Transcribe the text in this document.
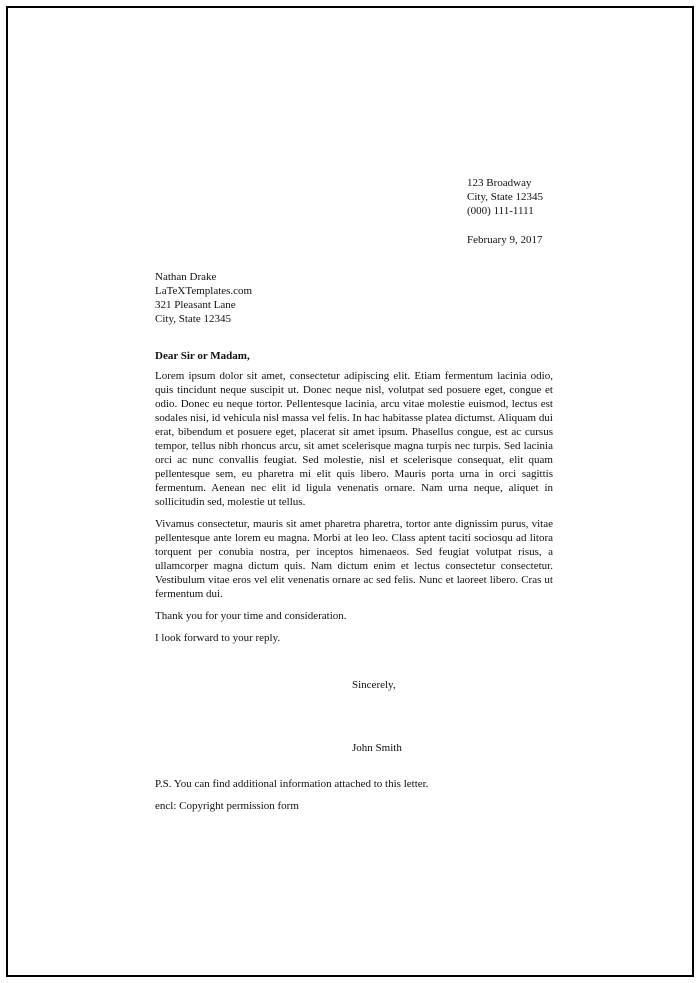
123 Broadway
City, State 12345
(000) 111-1111
February 9, 2017
Nathan Drake
LaTeXTemplates.com
321 Pleasant Lane
City, State 12345

Dear Sir or Madam,

Lorem ipsum dolor sit amet, consectetur adipiscing elit. Etiam fermentum lacinia odio, quis tincidunt neque suscipit ut. Donec neque nisl, volutpat sed posuere eget, congue et odio. Donec eu neque tortor. Pellentesque lacinia, arcu vitae molestie euismod, lectus est sodales nisi, id vehicula nisl massa vel felis. In hac habitasse platea dictumst. Aliquam dui erat, bibendum et posuere eget, placerat sit amet ipsum. Phasellus congue, est ac cursus tempor, tellus nibh rhoncus arcu, sit amet scelerisque magna turpis nec turpis. Sed lacinia orci ac nunc convallis feugiat. Sed molestie, nisl et scelerisque consequat, elit quam pellentesque sem, eu pharetra mi elit quis libero. Mauris porta urna in orci sagittis fermentum. Aenean nec elit id ligula venenatis ornare. Nam urna neque, aliquet in sollicitudin sed, molestie ut tellus.

Vivamus consectetur, mauris sit amet pharetra pharetra, tortor ante dignissim purus, vitae pellentesque ante lorem eu magna. Morbi at leo leo. Class aptent taciti sociosqu ad litora torquent per conubia nostra, per inceptos himenaeos. Sed feugiat volutpat risus, a ullamcorper magna dictum quis. Nam dictum enim et lectus consectetur consectetur. Vestibulum vitae eros vel elit venenatis ornare ac sed felis. Nunc et laoreet libero. Cras ut fermentum dui.

Thank you for your time and consideration.

I look forward to your reply.

Sincerely,
John Smith
P.S. You can find additional information attached to this letter.
encl: Copyright permission form
